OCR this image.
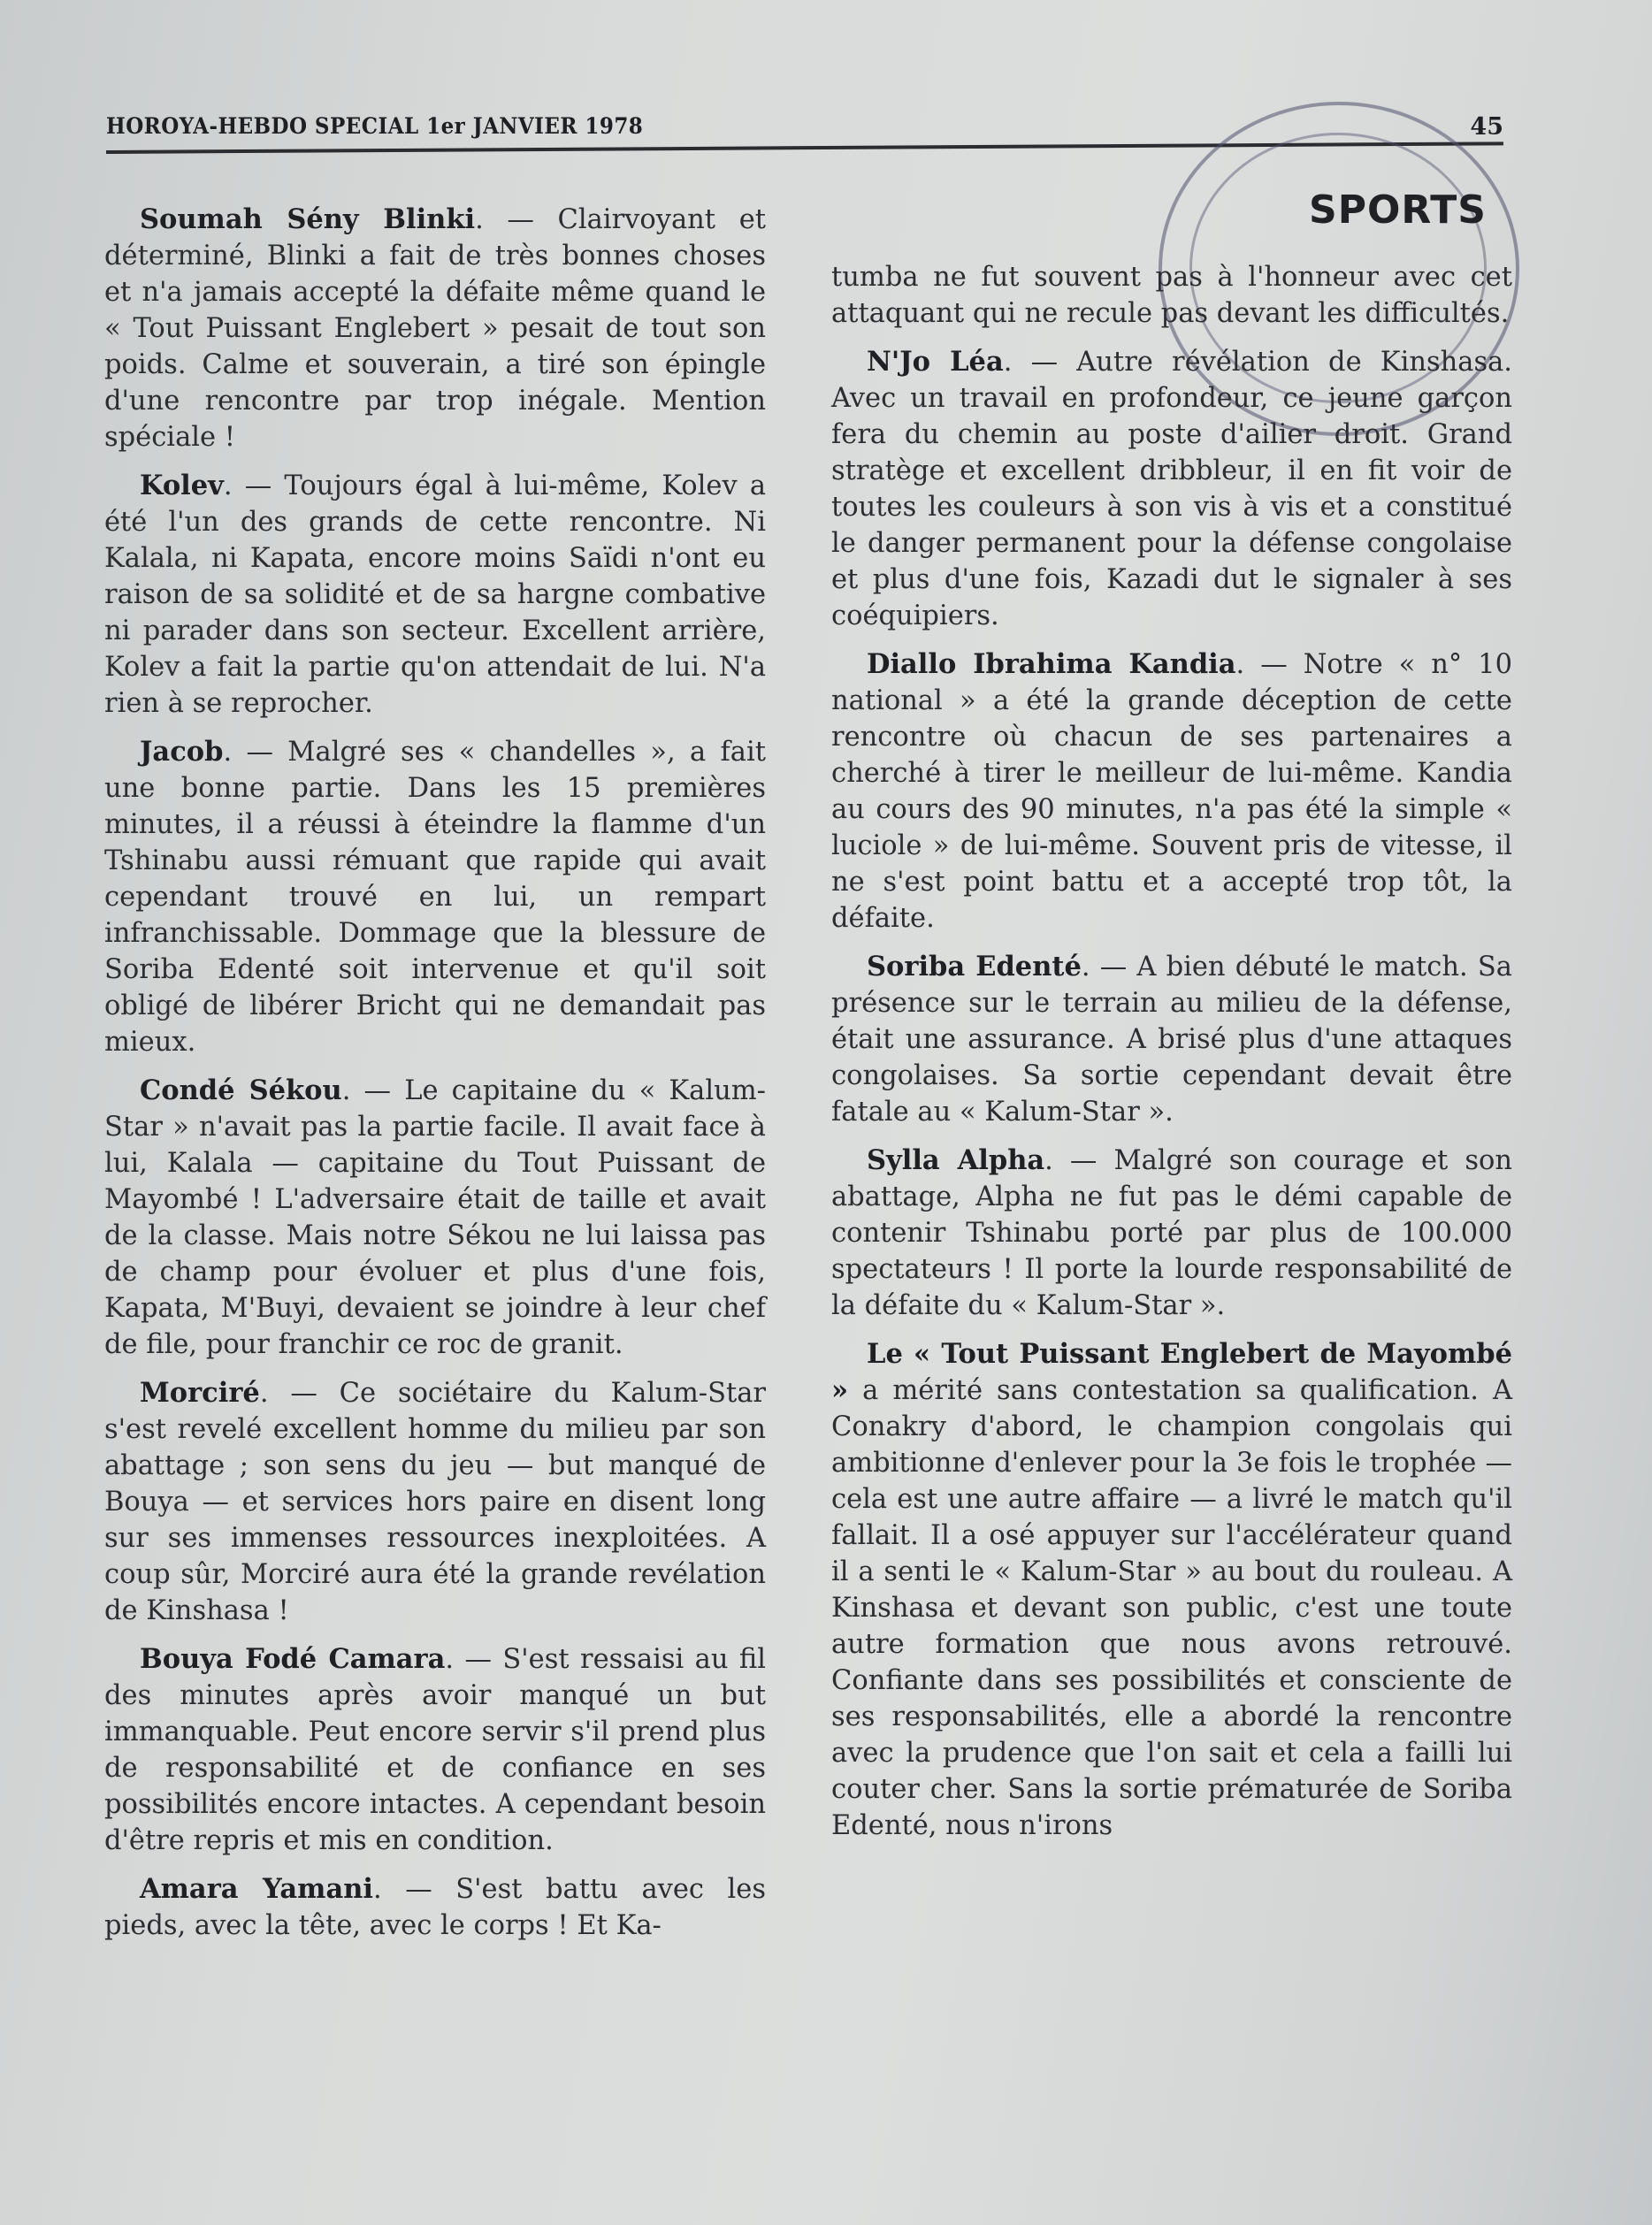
HOROYA-HEBDO SPECIAL 1er JANVIER 1978	45
SPORTS

Soumah Sény Blinki. — Clairvoyant et déterminé, Blinki a fait de très bonnes choses et n'a jamais accepté la défaite même quand le « Tout Puissant Englebert » pesait de tout son poids. Calme et souverain, a tiré son épingle d'une rencontre par trop inégale. Mention spéciale !

Kolev. — Toujours égal à lui-même, Kolev a été l'un des grands de cette rencontre. Ni Kalala, ni Kapata, encore moins Saïdi n'ont eu raison de sa solidité et de sa hargne combative ni parader dans son secteur. Excellent arrière, Kolev a fait la partie qu'on attendait de lui. N'a rien à se reprocher.

Jacob. — Malgré ses « chandelles », a fait une bonne partie. Dans les 15 premières minutes, il a réussi à éteindre la flamme d'un Tshinabu aussi rémuant que rapide qui avait cependant trouvé en lui, un rempart infranchissable. Dommage que la blessure de Soriba Edenté soit intervenue et qu'il soit obligé de libérer Bricht qui ne demandait pas mieux.

Condé Sékou. — Le capitaine du « Kalum-Star » n'avait pas la partie facile. Il avait face à lui, Kalala — capitaine du Tout Puissant de Mayombé ! L'adversaire était de taille et avait de la classe. Mais notre Sékou ne lui laissa pas de champ pour évoluer et plus d'une fois, Kapata, M'Buyi, devaient se joindre à leur chef de file, pour franchir ce roc de granit.

Morciré. — Ce sociétaire du Kalum-Star s'est revelé excellent homme du milieu par son abattage ; son sens du jeu — but manqué de Bouya — et services hors paire en disent long sur ses immenses ressources inexploitées. A coup sûr, Morciré aura été la grande revélation de Kinshasa !

Bouya Fodé Camara. — S'est ressaisi au fil des minutes après avoir manqué un but immanquable. Peut encore servir s'il prend plus de responsabilité et de confiance en ses possibilités encore intactes. A cependant besoin d'être repris et mis en condition.

Amara Yamani. — S'est battu avec les pieds, avec la tête, avec le corps ! Et Ka-

tumba ne fut souvent pas à l'honneur avec cet attaquant qui ne recule pas devant les difficultés.

N'Jo Léa. — Autre révélation de Kinshasa. Avec un travail en profondeur, ce jeune garçon fera du chemin au poste d'ailier droit. Grand stratège et excellent dribbleur, il en fit voir de toutes les couleurs à son vis à vis et a constitué le danger permanent pour la défense congolaise et plus d'une fois, Kazadi dut le signaler à ses coéquipiers.

Diallo Ibrahima Kandia. — Notre « n° 10 national » a été la grande déception de cette rencontre où chacun de ses partenaires a cherché à tirer le meilleur de lui-même. Kandia au cours des 90 minutes, n'a pas été la simple « luciole » de lui-même. Souvent pris de vitesse, il ne s'est point battu et a accepté trop tôt, la défaite.

Soriba Edenté. — A bien débuté le match. Sa présence sur le terrain au milieu de la défense, était une assurance. A brisé plus d'une attaques congolaises. Sa sortie cependant devait être fatale au « Kalum-Star ».

Sylla Alpha. — Malgré son courage et son abattage, Alpha ne fut pas le démi capable de contenir Tshinabu porté par plus de 100.000 spectateurs ! Il porte la lourde responsabilité de la défaite du « Kalum-Star ».

Le « Tout Puissant Englebert de Mayombé » a mérité sans contestation sa qualification. A Conakry d'abord, le champion congolais qui ambitionne d'enlever pour la 3e fois le trophée — cela est une autre affaire — a livré le match qu'il fallait. Il a osé appuyer sur l'accélérateur quand il a senti le « Kalum-Star » au bout du rouleau. A Kinshasa et devant son public, c'est une toute autre formation que nous avons retrouvé. Confiante dans ses possibilités et consciente de ses responsabilités, elle a abordé la rencontre avec la prudence que l'on sait et cela a failli lui couter cher. Sans la sortie prématurée de Soriba Edenté, nous n'irons
